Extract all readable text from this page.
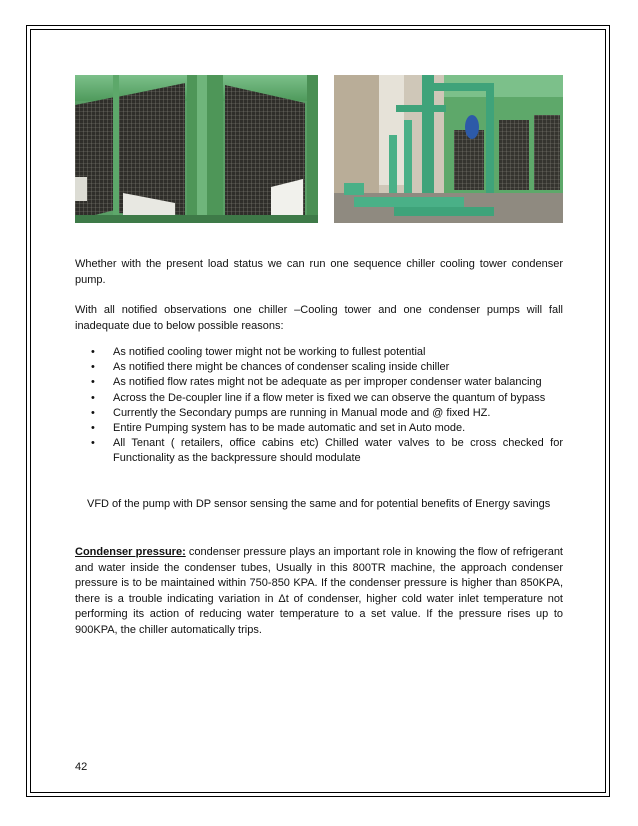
Whether with the present load status we can run one sequence chiller cooling tower condenser pump.

With all notified observations one chiller –Cooling tower and one condenser pumps will fall inadequate due to below possible reasons:

• As notified cooling tower might not be working to fullest potential
• As notified there might be chances of condenser scaling inside chiller
• As notified flow rates might not be adequate as per improper condenser water balancing
• Across the De-coupler line if a flow meter is fixed we can observe the quantum of bypass
• Currently the Secondary pumps are running in Manual mode and @ fixed HZ.
• Entire Pumping system has to be made automatic and set in Auto mode.
• All Tenant ( retailers, office cabins etc) Chilled water valves to be cross checked for Functionality as the backpressure should modulate

VFD of the pump with DP sensor sensing the same and for potential benefits of Energy savings

Condenser pressure: condenser pressure plays an important role in knowing the flow of refrigerant and water inside the condenser tubes, Usually in this 800TR machine, the approach condenser pressure is to be maintained within 750-850 KPA. If the condenser pressure is higher than 850KPA, there is a trouble indicating variation in Δt of condenser, higher cold water inlet temperature not performing its action of reducing water temperature to a set value. If the pressure rises up to 900KPA, the chiller automatically trips.

42
